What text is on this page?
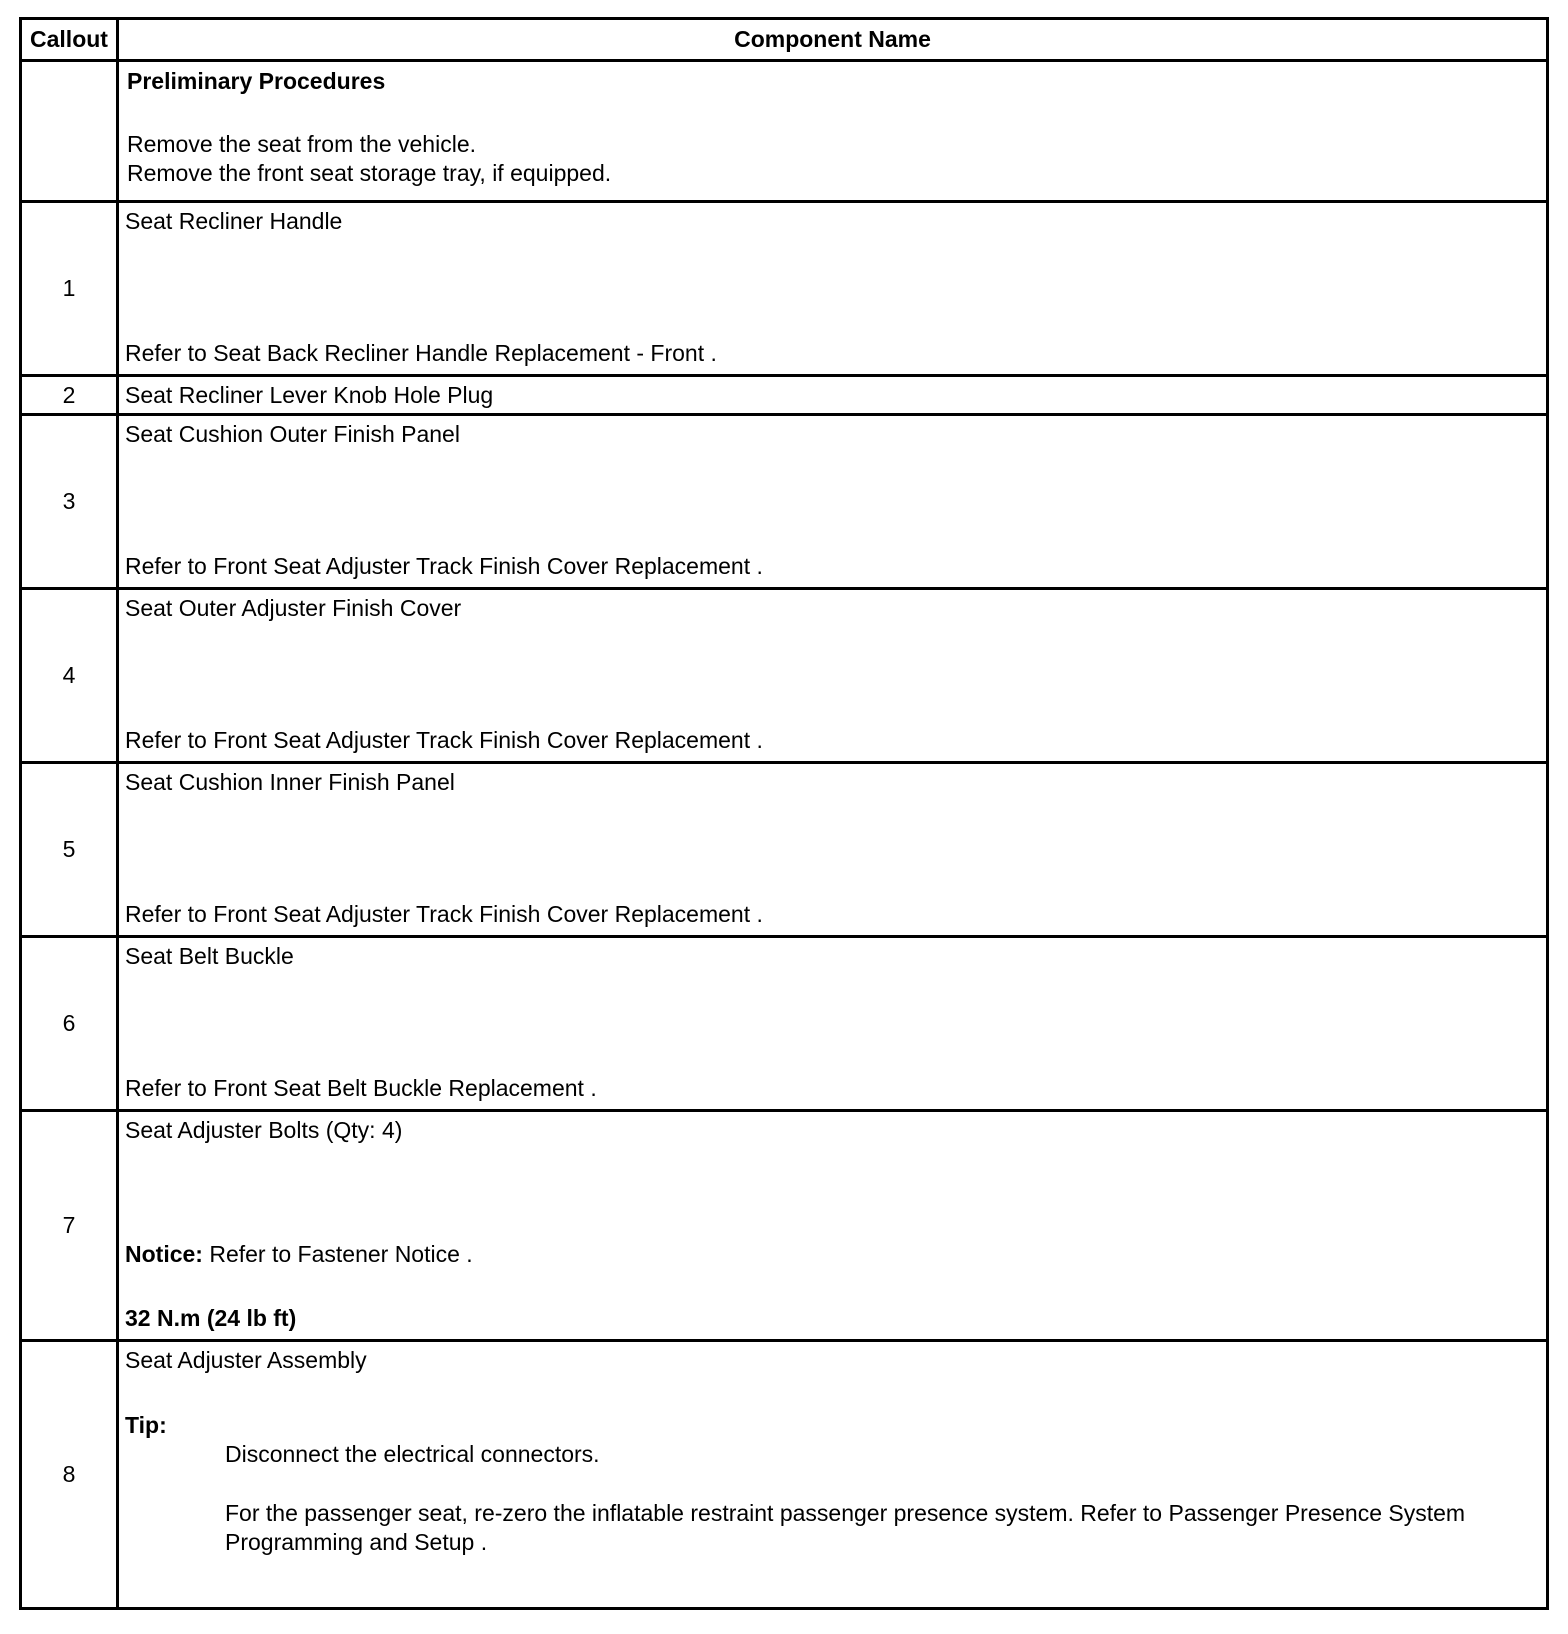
Callout	Component Name

	Preliminary Procedures
Remove the seat from the vehicle.
Remove the front seat storage tray, if equipped.

1	Seat Recliner Handle
Refer to Seat Back Recliner Handle Replacement - Front .

2	Seat Recliner Lever Knob Hole Plug

3	Seat Cushion Outer Finish Panel
Refer to Front Seat Adjuster Track Finish Cover Replacement .

4	Seat Outer Adjuster Finish Cover
Refer to Front Seat Adjuster Track Finish Cover Replacement .

5	Seat Cushion Inner Finish Panel
Refer to Front Seat Adjuster Track Finish Cover Replacement .

6	Seat Belt Buckle
Refer to Front Seat Belt Buckle Replacement .

7	Seat Adjuster Bolts (Qty: 4)
Notice: Refer to Fastener Notice .
32 N.m (24 lb ft)

8	Seat Adjuster Assembly
Tip:
Disconnect the electrical connectors.
For the passenger seat, re-zero the inflatable restraint passenger presence system. Refer to Passenger Presence System Programming and Setup .
